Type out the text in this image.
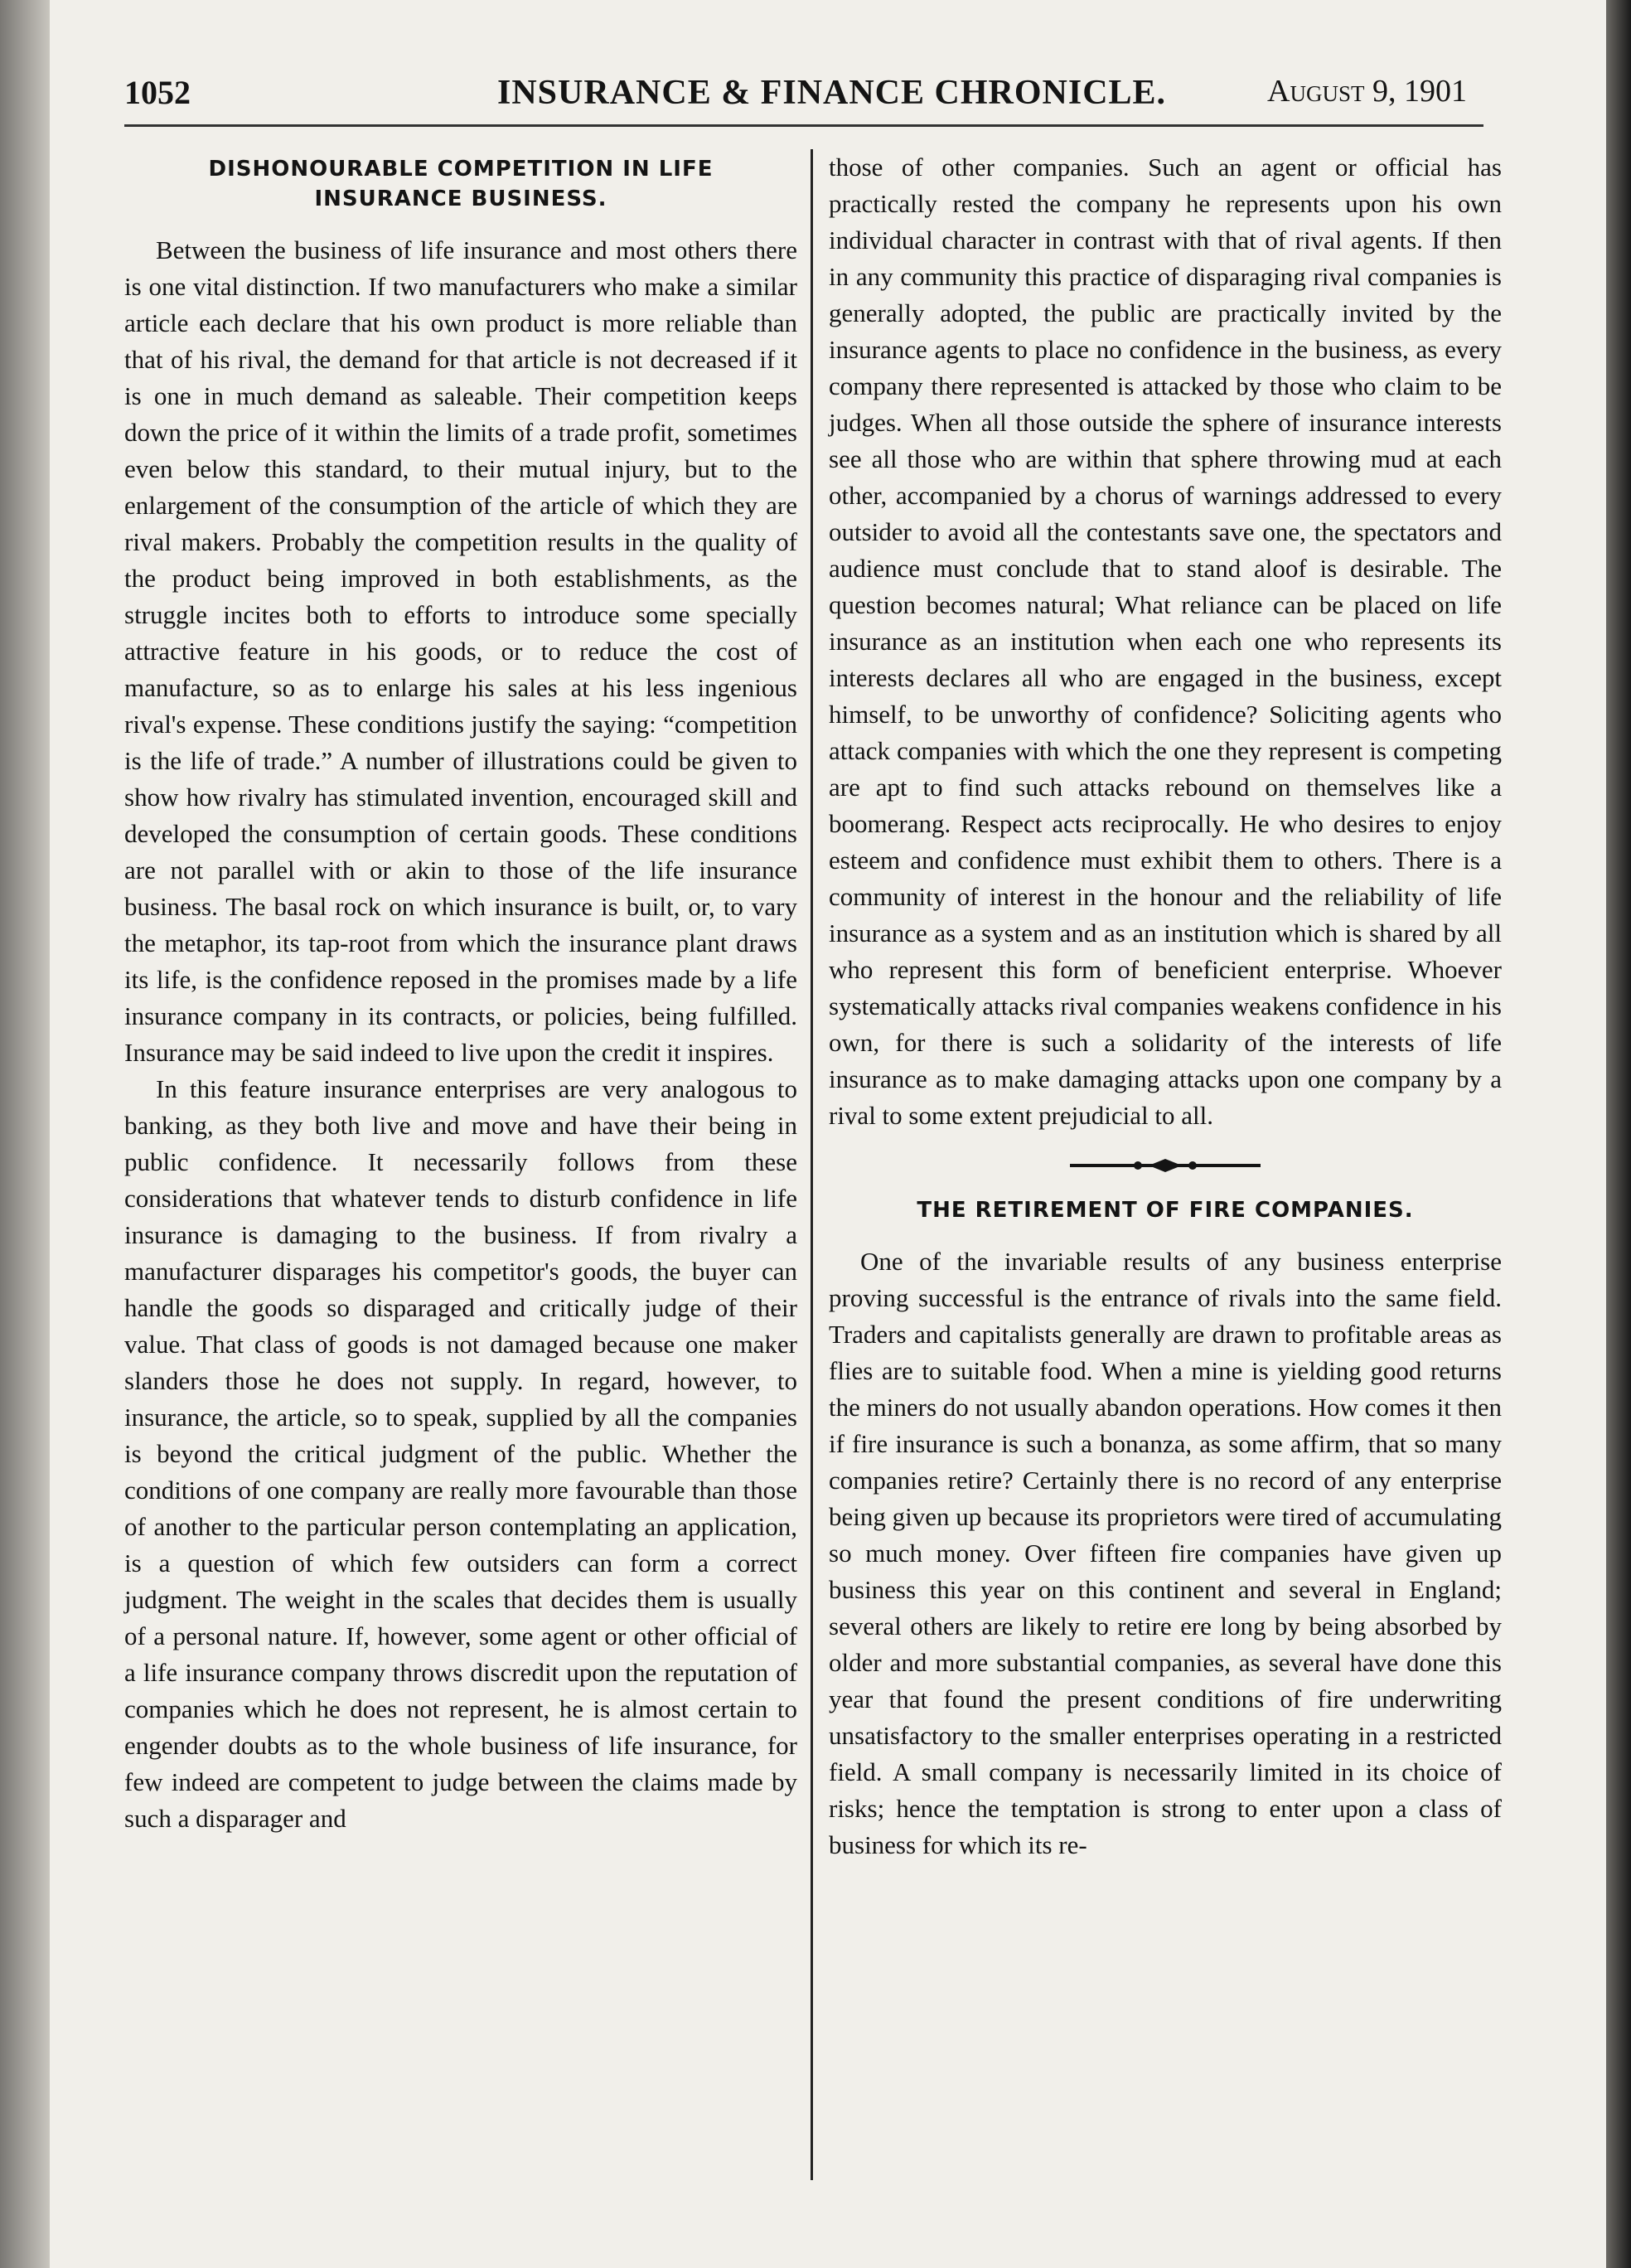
1052	INSURANCE & FINANCE CHRONICLE.	August 9, 1901
DISHONOURABLE COMPETITION IN LIFE INSURANCE BUSINESS.

Between the business of life insurance and most others there is one vital distinction. If two manufacturers who make a similar article each declare that his own product is more reliable than that of his rival, the demand for that article is not decreased if it is one in much demand as saleable. Their competition keeps down the price of it within the limits of a trade profit, sometimes even below this standard, to their mutual injury, but to the enlargement of the consumption of the article of which they are rival makers. Probably the competition results in the quality of the product being improved in both establishments, as the struggle incites both to efforts to introduce some specially attractive feature in his goods, or to reduce the cost of manufacture, so as to enlarge his sales at his less ingenious rival's expense. These conditions justify the saying: “competition is the life of trade.” A number of illustrations could be given to show how rivalry has stimulated invention, encouraged skill and developed the consumption of certain goods. These conditions are not parallel with or akin to those of the life insurance business. The basal rock on which insurance is built, or, to vary the metaphor, its tap-root from which the insurance plant draws its life, is the confidence reposed in the promises made by a life insurance company in its contracts, or policies, being fulfilled. Insurance may be said indeed to live upon the credit it inspires.

In this feature insurance enterprises are very analogous to banking, as they both live and move and have their being in public confidence. It necessarily follows from these considerations that whatever tends to disturb confidence in life insurance is damaging to the business. If from rivalry a manufacturer disparages his competitor's goods, the buyer can handle the goods so disparaged and critically judge of their value. That class of goods is not damaged because one maker slanders those he does not supply. In regard, however, to insurance, the article, so to speak, supplied by all the companies is beyond the critical judgment of the public. Whether the conditions of one company are really more favourable than those of another to the particular person contemplating an application, is a question of which few outsiders can form a correct judgment. The weight in the scales that decides them is usually of a personal nature. If, however, some agent or other official of a life insurance company throws discredit upon the reputation of companies which he does not represent, he is almost certain to engender doubts as to the whole business of life insurance, for few indeed are competent to judge between the claims made by such a disparager and

those of other companies. Such an agent or official has practically rested the company he represents upon his own individual character in contrast with that of rival agents. If then in any community this practice of disparaging rival companies is generally adopted, the public are practically invited by the insurance agents to place no confidence in the business, as every company there represented is attacked by those who claim to be judges. When all those outside the sphere of insurance interests see all those who are within that sphere throwing mud at each other, accompanied by a chorus of warnings addressed to every outsider to avoid all the contestants save one, the spectators and audience must conclude that to stand aloof is desirable. The question becomes natural; What reliance can be placed on life insurance as an institution when each one who represents its interests declares all who are engaged in the business, except himself, to be unworthy of confidence? Soliciting agents who attack companies with which the one they represent is competing are apt to find such attacks rebound on themselves like a boomerang. Respect acts reciprocally. He who desires to enjoy esteem and confidence must exhibit them to others. There is a community of interest in the honour and the reliability of life insurance as a system and as an institution which is shared by all who represent this form of beneficient enterprise. Whoever systematically attacks rival companies weakens confidence in his own, for there is such a solidarity of the interests of life insurance as to make damaging attacks upon one company by a rival to some extent prejudicial to all.

THE RETIREMENT OF FIRE COMPANIES.

One of the invariable results of any business enterprise proving successful is the entrance of rivals into the same field. Traders and capitalists generally are drawn to profitable areas as flies are to suitable food. When a mine is yielding good returns the miners do not usually abandon operations. How comes it then if fire insurance is such a bonanza, as some affirm, that so many companies retire? Certainly there is no record of any enterprise being given up because its proprietors were tired of accumulating so much money. Over fifteen fire companies have given up business this year on this continent and several in England; several others are likely to retire ere long by being absorbed by older and more substantial companies, as several have done this year that found the present conditions of fire underwriting unsatisfactory to the smaller enterprises operating in a restricted field. A small company is necessarily limited in its choice of risks; hence the temptation is strong to enter upon a class of business for which its re-
